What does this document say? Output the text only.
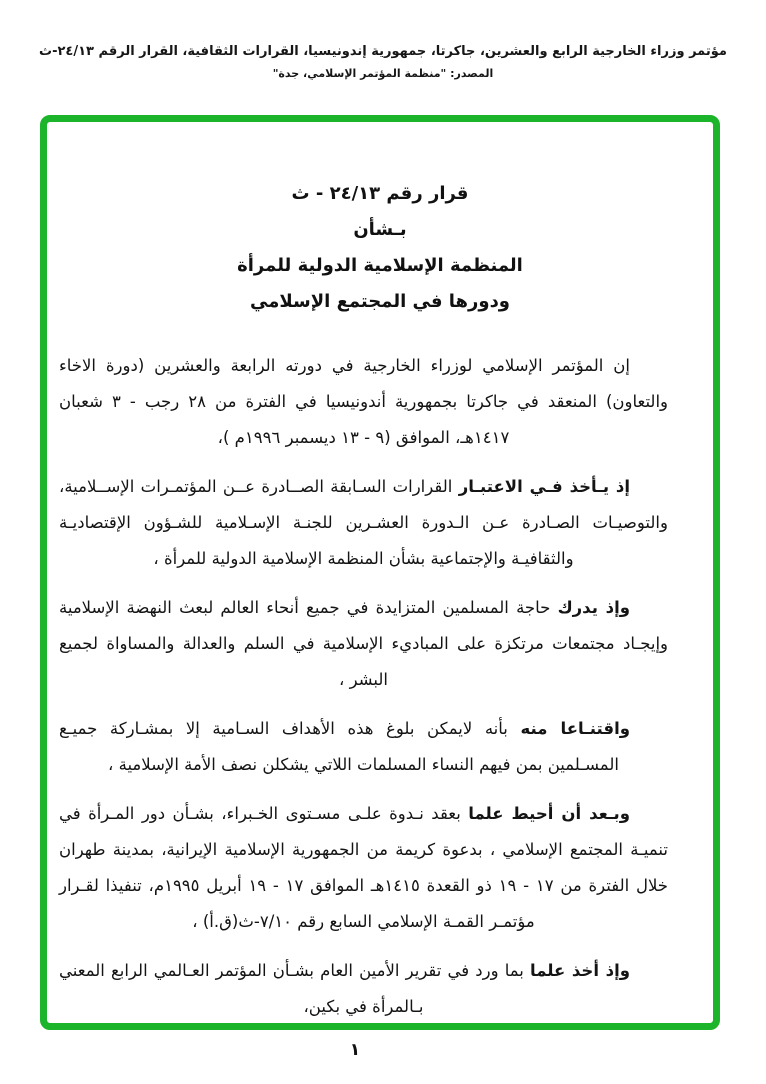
مؤتمر وزراء الخارجية الرابع والعشرين، جاكرتا، جمهورية إندونيسيا، القرارات الثقافية، القرار الرقم ٢٤/١٣-ث
المصدر: "منظمة المؤتمر الإسلامي، جدة"
قرار رقم ٢٤/١٣ - ث
بـشأن
المنظمة الإسلامية الدولية للمرأة
ودورها في المجتمع الإسلامي

إن المؤتمر الإسلامي لوزراء الخارجية في دورته الرابعة والعشرين (دورة الاخاء والتعاون) المنعقد في جاكرتا بجمهورية أندونيسيا في الفترة من ٢٨ رجب - ٣ شعبان ١٤١٧هـ، الموافق (٩ - ١٣ ديسمبر ١٩٩٦م )،

إذ يـأخذ فـي الاعتبـار القرارات السـابقة الصــادرة عــن المؤتمـرات الإســلامية، والتوصيـات الصـادرة عـن الـدورة العشـرين للجنـة الإسـلامية للشـؤون الإقتصاديـة والثقافيـة والإجتماعية بشأن المنظمة الإسلامية الدولية للمرأة ،

وإذ يدرك حاجة المسلمين المتزايدة في جميع أنحاء العالم لبعث النهضة الإسلامية وإيجـاد مجتمعات مرتكزة على المباديء الإسلامية في السلم والعدالة والمساواة لجميع البشر ،

واقتنـاعا منه بأنه لايمكن بلوغ هذه الأهداف السـامية إلا بمشـاركة جميـع المسـلمين بمن فيهم النساء المسلمات اللاتي يشكلن نصف الأمة الإسلامية ،

وبـعد أن أحيط علما بعقد نـدوة علـى مسـتوى الخـبراء، بشـأن دور المـرأة في تنميـة المجتمع الإسلامي ، بدعوة كريمة من الجمهورية الإسلامية الإيرانية، بمدينة طهران خلال الفترة من ١٧ - ١٩ ذو القعدة ١٤١٥هـ الموافق ١٧ - ١٩ أبريل ١٩٩٥م، تنفيذا لقـرار مؤتمـر القمـة الإسلامي السابع رقم ٧/١٠-ث(ق.أ) ،

وإذ أخذ علما بما ورد في تقرير الأمين العام بشـأن المؤتمر العـالمي الرابع المعني بـالمرأة في بكين،

١
